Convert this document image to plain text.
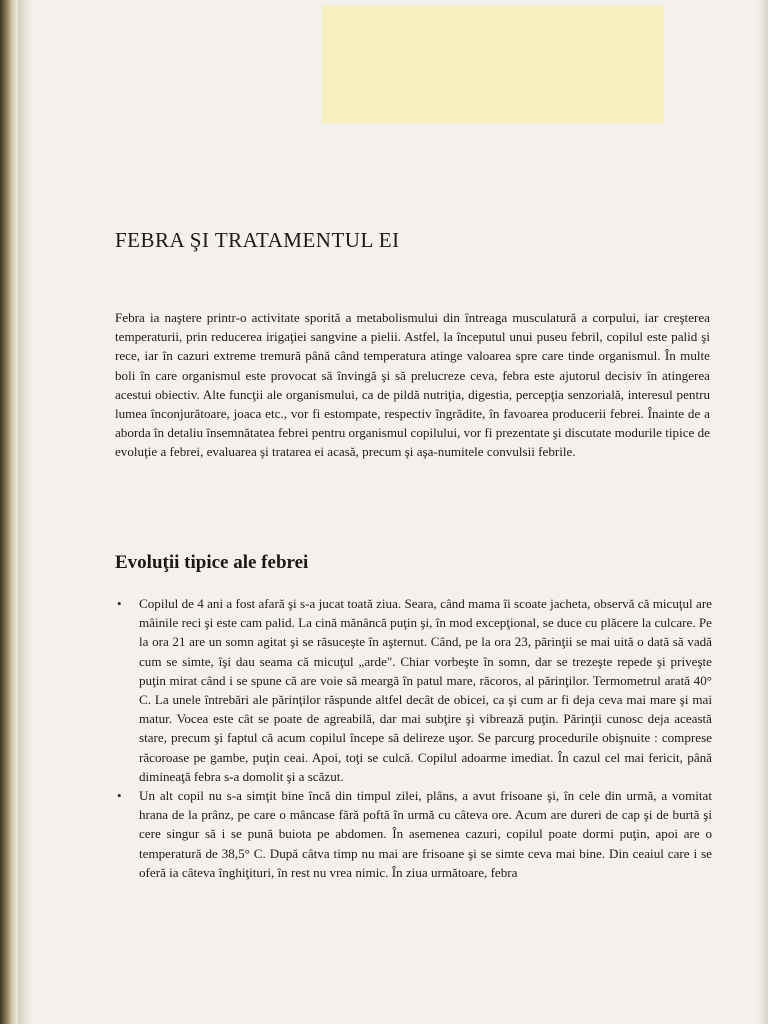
FEBRA ŞI TRATAMENTUL EI

Febra ia naştere printr-o activitate sporită a metabolismului din întreaga musculatură a corpului, iar creşterea temperaturii, prin reducerea irigaţiei sangvine a pielii. Astfel, la începutul unui puseu febril, copilul este palid şi rece, iar în cazuri extreme tremură până când temperatura atinge valoarea spre care tinde organismul. În multe boli în care organismul este provocat să învingă şi să prelucreze ceva, febra este ajutorul decisiv în atingerea acestui obiectiv. Alte funcţii ale organismului, ca de pildă nutriţia, digestia, percepţia senzorială, interesul pentru lumea înconjurătoare, joaca etc., vor fi estompate, respectiv îngrădite, în favoarea producerii febrei. Înainte de a aborda în detaliu însemnătatea febrei pentru organismul copilului, vor fi prezentate şi discutate modurile tipice de evoluţie a febrei, evaluarea şi tratarea ei acasă, precum şi aşa-numitele convulsii febrile.

Evoluţii tipice ale febrei
• Copilul de 4 ani a fost afară şi s-a jucat toată ziua. Seara, când mama îi scoate jacheta, observă că micuţul are mâinile reci şi este cam palid. La cină mănâncă puţin şi, în mod excepţional, se duce cu plăcere la culcare. Pe la ora 21 are un somn agitat şi se răsuceşte în aşternut. Când, pe la ora 23, părinţii se mai uită o dată să vadă cum se simte, îşi dau seama că micuţul „arde". Chiar vorbeşte în somn, dar se trezeşte repede şi priveşte puţin mirat când i se spune că are voie să meargă în patul mare, răcoros, al părinţilor. Termometrul arată 40° C. La unele întrebări ale părinţilor răspunde altfel decât de obicei, ca şi cum ar fi deja ceva mai mare şi mai matur. Vocea este cât se poate de agreabilă, dar mai subţire şi vibrează puţin. Părinţii cunosc deja această stare, precum şi faptul că acum copilul începe să delireze uşor. Se parcurg procedurile obişnuite : comprese răcoroase pe gambe, puţin ceai. Apoi, toţi se culcă. Copilul adoarme imediat. În cazul cel mai fericit, până dimineaţă febra s-a domolit şi a scăzut.
• Un alt copil nu s-a simţit bine încă din timpul zilei, plâns, a avut frisoane şi, în cele din urmă, a vomitat hrana de la prânz, pe care o mâncase fără poftă în urmă cu câteva ore. Acum are dureri de cap şi de burtă şi cere singur să i se pună buiota pe abdomen. În asemenea cazuri, copilul poate dormi puţin, apoi are o temperatură de 38,5° C. După câtva timp nu mai are frisoane şi se simte ceva mai bine. Din ceaiul care i se oferă ia câteva înghiţituri, în rest nu vrea nimic. În ziua următoare, febra
